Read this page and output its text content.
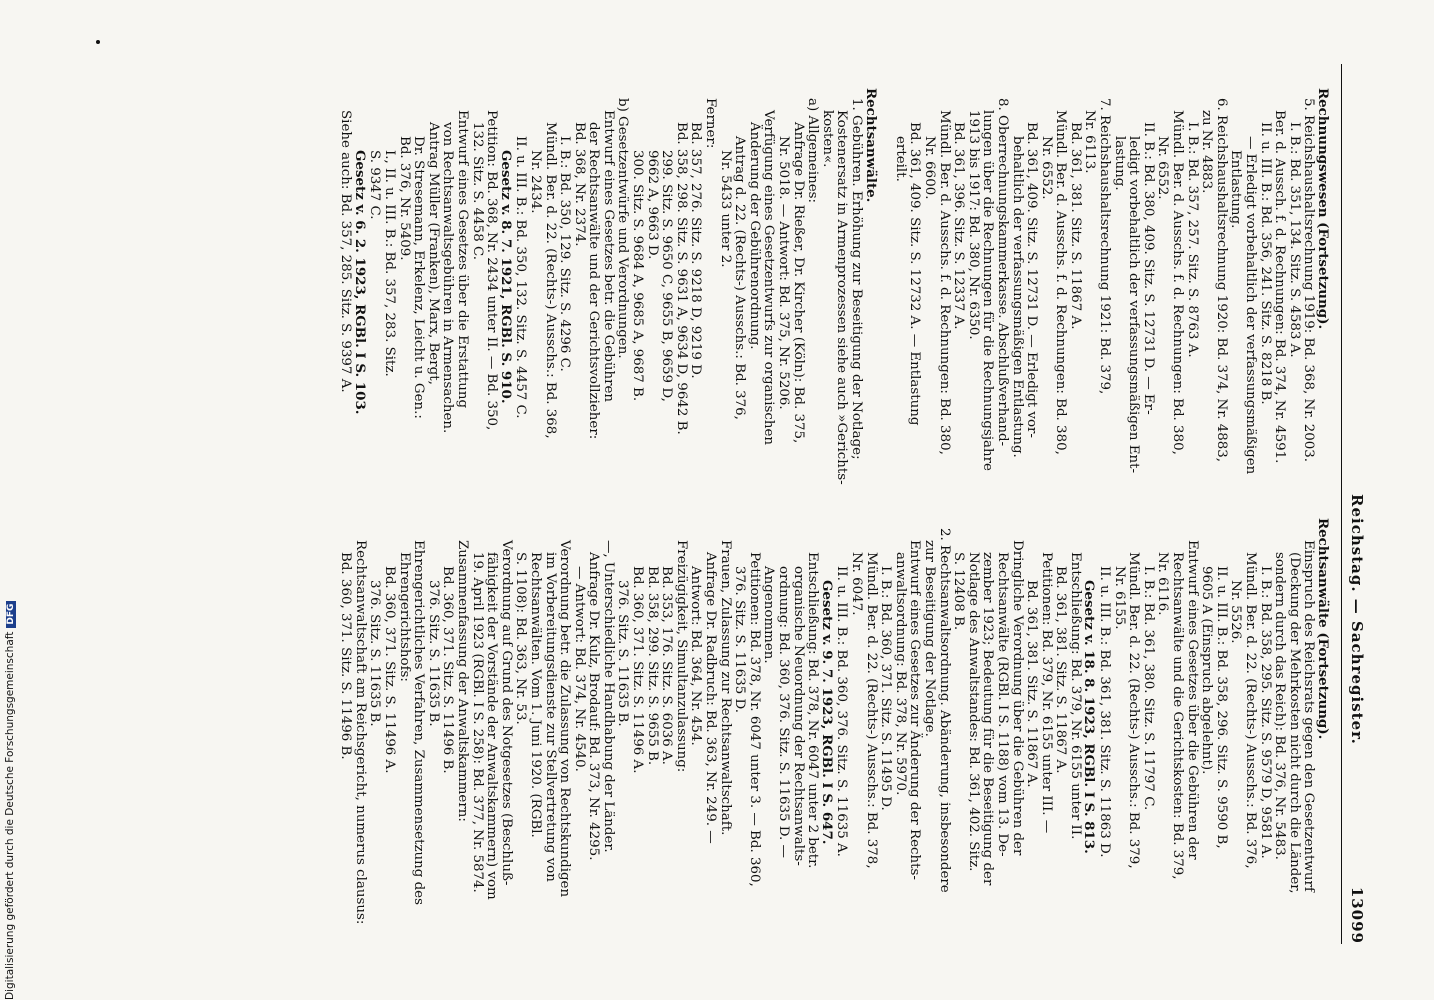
Reichstag. — Sachregister.
13099
Rechnungswesen (Fortsetzung).
5. Reichshaushaltsrechnung 1919: Bd. 368, Nr. 2003.
I. B.: Bd. 351, 134. Sitz. S. 4583 A.
Ber. d. Aussch. f. d. Rechnungen: Bd. 374, Nr. 4591.
II. u. III. B.: Bd. 356, 241. Sitz. S. 8218 B.
— Erledigt vorbehaltlich der verfassungsmäßigen
Entlastung.
6. Reichshaushaltsrechnung 1920: Bd. 374, Nr. 4883,
zu Nr. 4883.
I. B.: Bd. 357, 257. Sitz. S. 8763 A.
Mündl. Ber. d. Ausschs. f. d. Rechnungen: Bd. 380,
Nr. 6552.
II. B.: Bd. 380, 409. Sitz. S. 12731 D. — Er-
ledigt vorbehaltlich der verfassungsmäßigen Ent-
lastung.
7. Reichshaushaltsrechnung 1921: Bd. 379,
Nr. 6113.
Bd. 361, 381. Sitz. S. 11867 A.
Mündl. Ber. d. Ausschs. f. d. Rechnungen: Bd. 380,
Nr. 6552.
Bd. 361, 409. Sitz. S. 12731 D. — Erledigt vor-
behaltlich der verfassungsmäßigen Entlastung.
8. Oberrechnungskammerkasse. Abschlußverhand-
lungen über die Rechnungen für die Rechnungsjahre
1913 bis 1917: Bd. 380, Nr. 6350.
Bd. 361, 396. Sitz. S. 12337 A.
Mündl. Ber. d. Ausschs. f. d. Rechnungen: Bd. 380,
Nr. 6600.
Bd. 361, 409. Sitz. S. 12732 A. — Entlastung
erteilt.
Rechtsanwälte.
1. Gebühren. Erhöhung zur Beseitigung der Notlage;
Kostenersatz in Armenprozessen siehe auch »Gerichts-
kosten«.
a) Allgemeines:
Anfrage Dr. Rießer, Dr. Kircher (Köln): Bd. 375,
Nr. 5018. — Antwort: Bd. 375, Nr. 5206.
Verfügung eines Gesetzentwurfs zur organischen
Änderung der Gebührenordnung.
Antrag d. 22. (Rechts-) Ausschs.: Bd. 376,
Nr. 5433 unter 2.
Ferner:
Bd. 357, 276. Sitz. S. 9218 D, 9219 D.
Bd. 358, 298. Sitz. S. 9631 A, 9634 D, 9642 B.
299. Sitz. S. 9650 C, 9655 B, 9659 D,
9662 A, 9663 D.
300. Sitz. S. 9684 A, 9685 A, 9687 B.
b) Gesetzentwürfe und Verordnungen.
Entwurf eines Gesetzes betr. die Gebühren
der Rechtsanwälte und der Gerichtsvollzieher:
Bd. 368, Nr. 2374.
I. B.: Bd. 350, 129. Sitz. S. 4296 C.
Mündl. Ber. d. 22. (Rechts-) Ausschs.: Bd. 368,
Nr. 2434.
II. u. III. B.: Bd. 350, 132. Sitz. S. 4457 C.
Gesetz v. 8. 7. 1921, RGBl. S. 910.
Petition: Bd. 368, Nr. 2434 unter II. — Bd. 350,
132. Sitz. S. 4458 C.
Entwurf eines Gesetzes über die Erstattung
von Rechtsanwaltsgebühren in Armensachen.
Antrag Müller (Franken), Marx, Bergt,
Dr. Stresemann, Erkelenz, Leicht u. Gen.:
Bd. 376, Nr. 5409.
I., II. u. III. B.: Bd. 357, 283. Sitz.
S. 9347 C.
Gesetz v. 6. 2. 1923, RGBl. I S. 103.
Siehe auch: Bd. 357, 285. Sitz. S. 9397 A.
Rechtsanwälte (Fortsetzung).
Einspruch des Reichsrats gegen den Gesetzentwurf
(Deckung der Mehrkosten nicht durch die Länder,
sondern durch das Reich): Bd. 376, Nr. 5483.
I. B.: Bd. 358, 295. Sitz. S. 9579 D, 9581 A.
Mündl. Ber. d. 22. (Rechts-) Ausschs.: Bd. 376,
Nr. 5526.
II. u. III. B.: Bd. 358, 296. Sitz. S. 9590 B,
9605 A (Einspruch abgelehnt).
Entwurf eines Gesetzes über die Gebühren der
Rechtsanwälte und die Gerichtskosten: Bd. 379,
Nr. 6116.
I. B.: Bd. 361, 380. Sitz. S. 11797 C.
Mündl. Ber. d. 22. (Rechts-) Ausschs.: Bd. 379,
Nr. 6155.
II. u. III. B.: Bd. 361, 381. Sitz. S. 11863 D.
Gesetz v. 18. 8. 1923, RGBl. I S. 813.
Entschließung: Bd. 379, Nr. 6155 unter II.
Bd. 361, 381. Sitz. S. 11867 A.
Petitionen: Bd. 379, Nr. 6155 unter III. —
Bd. 361, 381. Sitz. S. 11867 A.
Dringliche Verordnung über die Gebühren der
Rechtsanwälte (RGBl. I S. 1188) vom 13. De-
zember 1923; Bedeutung für die Beseitigung der
Notlage des Anwaltstandes: Bd. 361, 402. Sitz.
S. 12408 B.
2. Rechtsanwaltsordnung. Abänderung, insbesondere
zur Beseitigung der Notlage.
Entwurf eines Gesetzes zur Änderung der Rechts-
anwaltsordnung: Bd. 378, Nr. 5970.
I. B.: Bd. 360, 371. Sitz. S. 11495 D.
Mündl. Ber. d. 22. (Rechts-) Ausschs.: Bd. 378,
Nr. 6047.
II. u. III. B.: Bd. 360, 376. Sitz. S. 11635 A.
Gesetz v. 9. 7. 1923, RGBl. I S. 647.
Entschließung: Bd. 378, Nr. 6047 unter 2 betr.
organische Neuordnung der Rechtsanwalts-
ordnung: Bd. 360, 376. Sitz. S. 11635 D. —
Angenommen.
Petitionen: Bd. 378, Nr. 6047 unter 3. — Bd. 360,
376. Sitz. S. 11635 D.
Frauen, Zulassung zur Rechtsanwaltschaft.
Anfrage Dr. Radbruch: Bd. 363, Nr. 249. —
Antwort: Bd. 364, Nr. 454.
Freizügigkeit, Simultanzulassung:
Bd. 353, 176. Sitz. S. 6036 A.
Bd. 358, 299. Sitz. S. 9655 B.
Bd. 360, 371. Sitz. S. 11496 A.
376. Sitz. S. 11635 B.
—, Unterschiedliche Handhabung der Länder.
Anfrage Dr. Kulz, Brodauf: Bd. 373, Nr. 4295.
— Antwort: Bd. 374, Nr. 4540.
Verordnung betr. die Zulassung von Rechtskundigen
im Vorbereitungsdienste zur Stellvertretung von
Rechtsanwälten. Vom 1. Juni 1920. (RGBl.
S. 1108): Bd. 363, Nr. 53.
Verordnung auf Grund des Notgesetzes (Beschluß-
fähigkeit der Vorstände der Anwaltskammern) vom
19. April 1923 (RGBl. I S. 258): Bd. 377, Nr. 5874.
Zusammenfassung der Anwaltskammern:
Bd. 360, 371. Sitz. S. 11496 B.
376. Sitz. S. 11635 B.
Ehrengerichtliches Verfahren, Zusammensetzung des
Ehrengerichtshofs:
Bd. 360, 371. Sitz. S. 11496 A.
376. Sitz. S. 11635 B.
Rechtsanwaltschaft am Reichsgericht, numerus clausus:
Bd. 360, 371. Sitz. S. 11496 B.
Digitalisierung gefördert durch die Deutsche ForschungsgemeinschaftDFG
